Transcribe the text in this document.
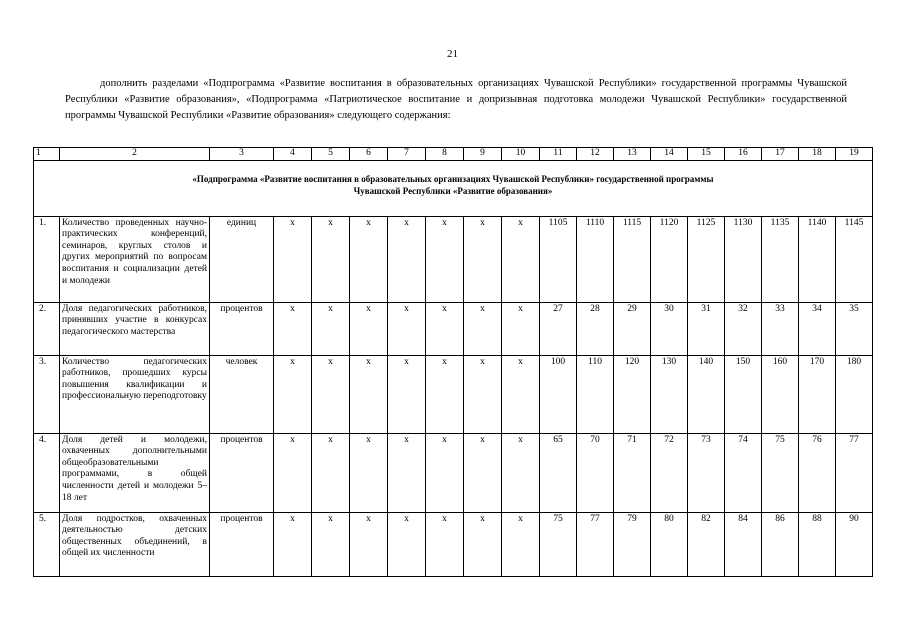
21
дополнить разделами «Подпрограмма «Развитие воспитания в образовательных организациях Чувашской Республики» государственной программы Чувашской Республики «Развитие образования», «Подпрограмма «Патриотическое воспитание и допризывная подготовка молодежи Чувашской Республики» государственной программы Чувашской Республики «Развитие образования» следующего содержания:
1	2	3	4	5	6	7	8	9	10	11	12	13	14	15	16	17	18	19
«Подпрограмма «Развитие воспитания в образовательных организациях Чувашской Республики» государственной программы
Чувашской Республики «Развитие образования»																		
1.	Количество проведенных научно-практических конференций, семинаров, круглых столов и других мероприятий по вопросам воспитания и социализации детей и молодежи	единиц	х	х	х	х	х	х	х	1105	1110	1115	1120	1125	1130	1135	1140	1145
2.	Доля педагогических работников, принявших участие в конкурсах педагогического мастерства	процентов	х	х	х	х	х	х	х	27	28	29	30	31	32	33	34	35
3.	Количество педагогических работников, прошедших курсы повышения квалификации и профессиональную переподготовку	человек	х	х	х	х	х	х	х	100	110	120	130	140	150	160	170	180
4.	Доля детей и молодежи, охваченных дополнительными общеобразовательными программами, в общей численности детей и молодежи 5–18 лет	процентов	х	х	х	х	х	х	х	65	70	71	72	73	74	75	76	77
5.	Доля подростков, охваченных деятельностью детских общественных объединений, в общей их численности	процентов	х	х	х	х	х	х	х	75	77	79	80	82	84	86	88	90
